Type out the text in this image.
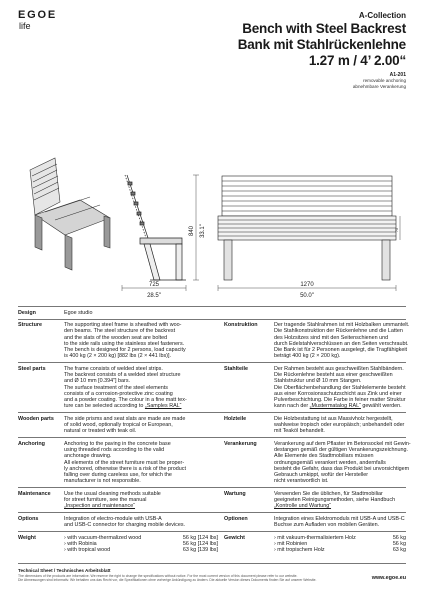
EGOE
life
A-Collection
Bench with Steel Backrest
Bank mit Stahlrückenlehne
1.27 m / 4’ 2.00“
A1-201
removable anchoring
abnehmbare Verankerung
840 33.1"
725
28.5"
75
1270
50.0"
Design	Egoe studio
Structure	The supporting steel frame is sheathed with woo-
den beams. The steel structure of the backrest
and the slats of the wooden seat are bolted
to the side rails using the stainless steel fasteners.
The bench is designed for 2 persons, load capacity
is 400 kg (2 × 200 kg) [882 lbs (2 × 441 lbs)].
Konstruktion	Der tragende Stahlrahmen ist mit Holzbalken ummantelt.
Die Stahlkonstruktion der Rückenlehne und die Latten
des Holzsitzes sind mit den Seitenschienen und
durch Edelstahlverschlüssen an den Seiten verschraubt.
Die Bank ist für 2 Personen ausgelegt, die Tragfähigkeit
beträgt 400 kg (2 × 200 kg).
Steel parts	The frame consists of welded steel strips.
The backrest consists of a welded steel structure
and Ø 10 mm [0.394"] bars.
The surface treatment of the steel elements
consists of a corrosion-protective zinc coating
and a powder coating. The colour in a fine matt tex-
ture can be selected according to „Samples RAL“
Stahlteile	Der Rahmen besteht aus geschweißten Stahlbändern.
Die Rückenlehne besteht aus einer geschweißten
Stahlstruktur und Ø 10 mm Stangen.
Die Oberflächenbehandlung der Stahlelemente besteht
aus einer Korrosionsschutzschicht aus Zink und einer
Pulverbeschichtung. Die Farbe in feiner matter Struktur
kann nach der „Mustermatalog RAL“ gewählt werden.
Wooden parts	The side prisms and seat slats are made are made
of solid wood, optionally tropical or European,
natural or treated with teak oil.
Holzteile	Die Holzbestattung ist aus Massivholz hergestellt,
wahlweise tropisch oder europäisch; unbehandelt oder
mit Teaköl behandelt.
Anchoring	Anchoring to the paving in the concrete base
using threaded rods according to the valid
anchorage drawing.
All elements of the street furniture must be proper-
ly anchored, otherwise there is a risk of the product
falling over during careless use, for which the
manufacturer is not responsible.
Verankerung	Verankerung auf dem Pflaster im Betonsockel mit Gewin-
destangen gemäß der gültigen Verankerungszeichnung.
Alle Elemente des Stadtmobiliars müssen
ordnungsgemäß verankert werden, andernfalls
besteht die Gefahr, dass das Produkt bei unvorsichtigem
Gebrauch umkippt, wofür der Hersteller
nicht verantwortlich ist.
Maintenance	Use the usual cleaning methods suitable
for street furniture, see the manual
„Inspection and maintenance“
Wartung	Verwenden Sie die üblichen, für Stadtmobiliar
geeigneten Reinigungsmethoden, siehe Handbuch
„Kontrolle und Wartung“
Options	Integration of electro-module with USB-A
and USB-C connector for charging mobile devices.
Optionen	Integration eines Elektromoduls mit USB-A und USB-C
Buchse zum Aufladen von mobilen Geräten.
Weight	› with vacuum-thermalized wood	56 kg [124 lbs]
› with Robinia	56 kg [124 lbs]
› with tropical wood	63 kg [139 lbs]
Gewicht	› mit vakuum-thermalisiertem Holz	56 kg
› mit Robinien	56 kg
› mit tropischem Holz	63 kg
Technical Sheet / Technisches Arbeitsblatt
The dimensions of the products are informative. We reserve the right to change the specifications without notice. For the most current version of this document please refer to our website.
Die Abmessungen sind informativ. Wir behalten uns das Recht vor, die Spezifikationen ohne vorherige Ankündigung zu ändern. Die aktuelle Version dieses Dokuments finden Sie auf unserer Website.	www.egoe.eu
